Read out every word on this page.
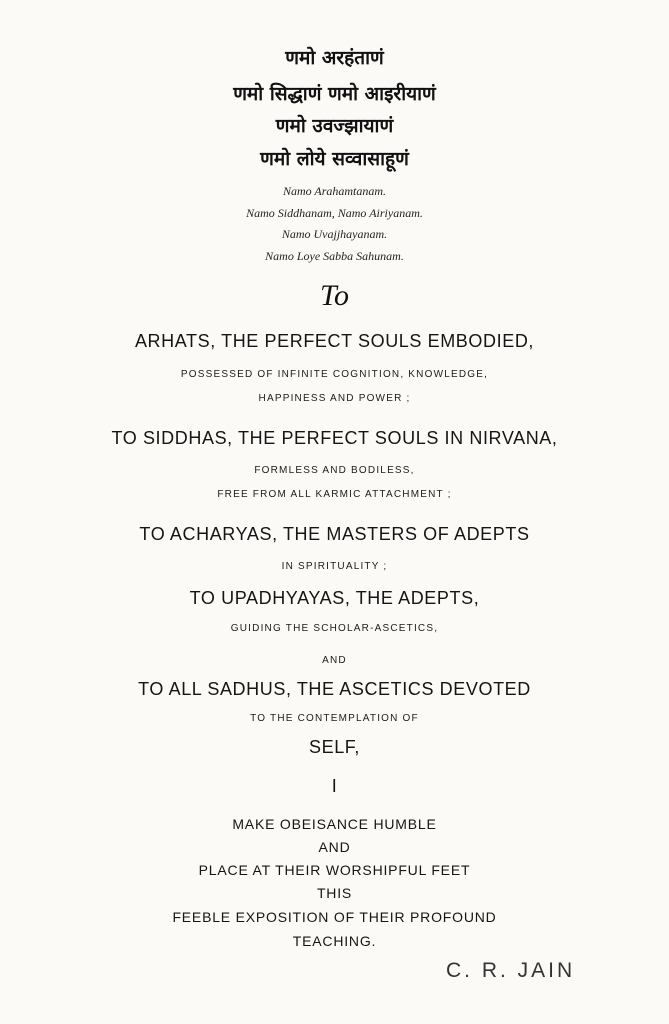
णमो अरहंताणं
णमो सिद्धाणं णमो आइरीयाणं
णमो उवज्झायाणं
णमो लोये सव्वासाहूणं
Namo Arahamtanam.
Namo Siddhanam, Namo Airiyanam.
Namo Uvajjhayanam.
Namo Loye Sabba Sahunam.
To
ARHATS, THE PERFECT SOULS EMBODIED,
POSSESSED OF INFINITE COGNITION, KNOWLEDGE,
HAPPINESS AND POWER ;
TO SIDDHAS, THE PERFECT SOULS IN NIRVANA,
FORMLESS AND BODILESS,
FREE FROM ALL KARMIC ATTACHMENT ;
TO ACHARYAS, THE MASTERS OF ADEPTS
IN SPIRITUALITY ;
TO UPADHYAYAS, THE ADEPTS,
GUIDING THE SCHOLAR-ASCETICS,
AND
TO ALL SADHUS, THE ASCETICS DEVOTED
TO THE CONTEMPLATION OF
SELF,
I
MAKE OBEISANCE HUMBLE
AND
PLACE AT THEIR WORSHIPFUL FEET
THIS
FEEBLE EXPOSITION OF THEIR PROFOUND
TEACHING.
C. R. JAIN
